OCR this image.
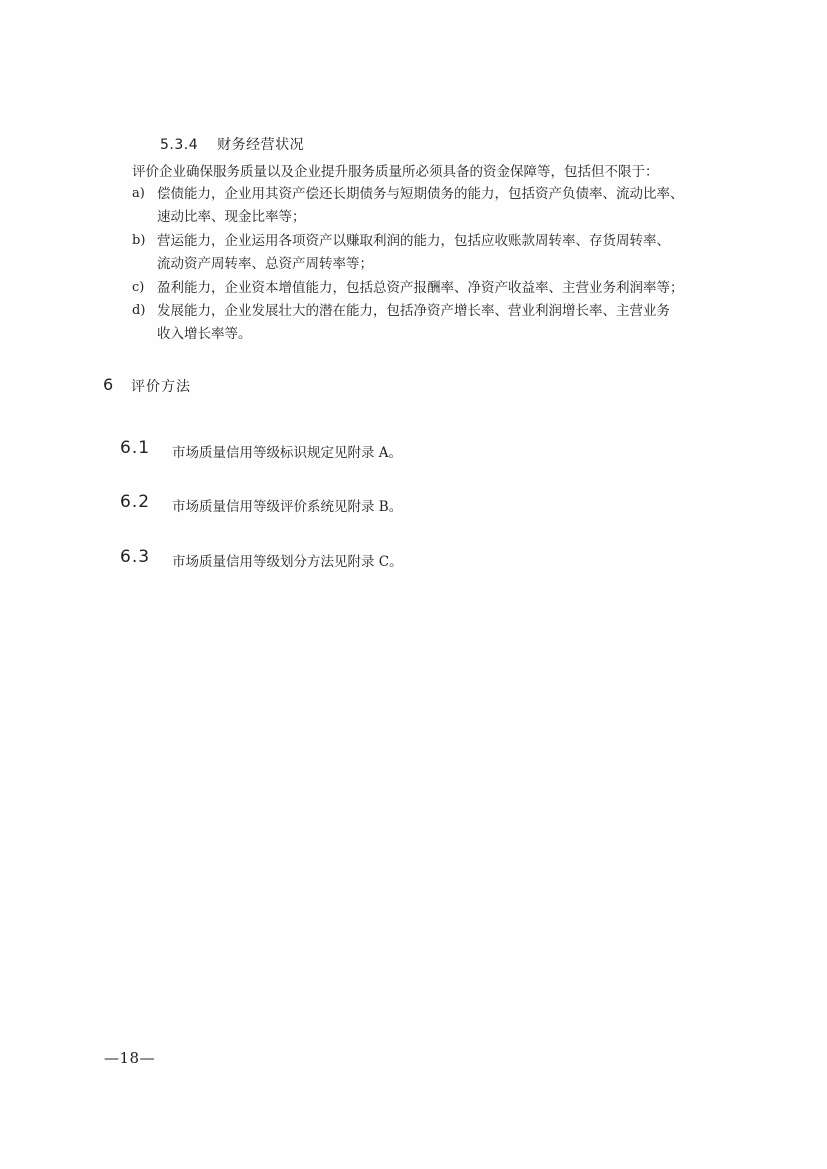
5.3.4 财务经营状况
评价企业确保服务质量以及企业提升服务质量所必须具备的资金保障等，包括但不限于：
a) 偿债能力，企业用其资产偿还长期债务与短期债务的能力，包括资产负债率、流动比率、
速动比率、现金比率等；
b) 营运能力，企业运用各项资产以赚取利润的能力，包括应收账款周转率、存货周转率、
流动资产周转率、总资产周转率等；
c) 盈利能力，企业资本增值能力，包括总资产报酬率、净资产收益率、主营业务利润率等；
d) 发展能力，企业发展壮大的潜在能力，包括净资产增长率、营业利润增长率、主营业务
收入增长率等。
6 评价方法
6.1 市场质量信用等级标识规定见附录 A。
6.2 市场质量信用等级评价系统见附录 B。
6.3 市场质量信用等级划分方法见附录 C。
—18—
